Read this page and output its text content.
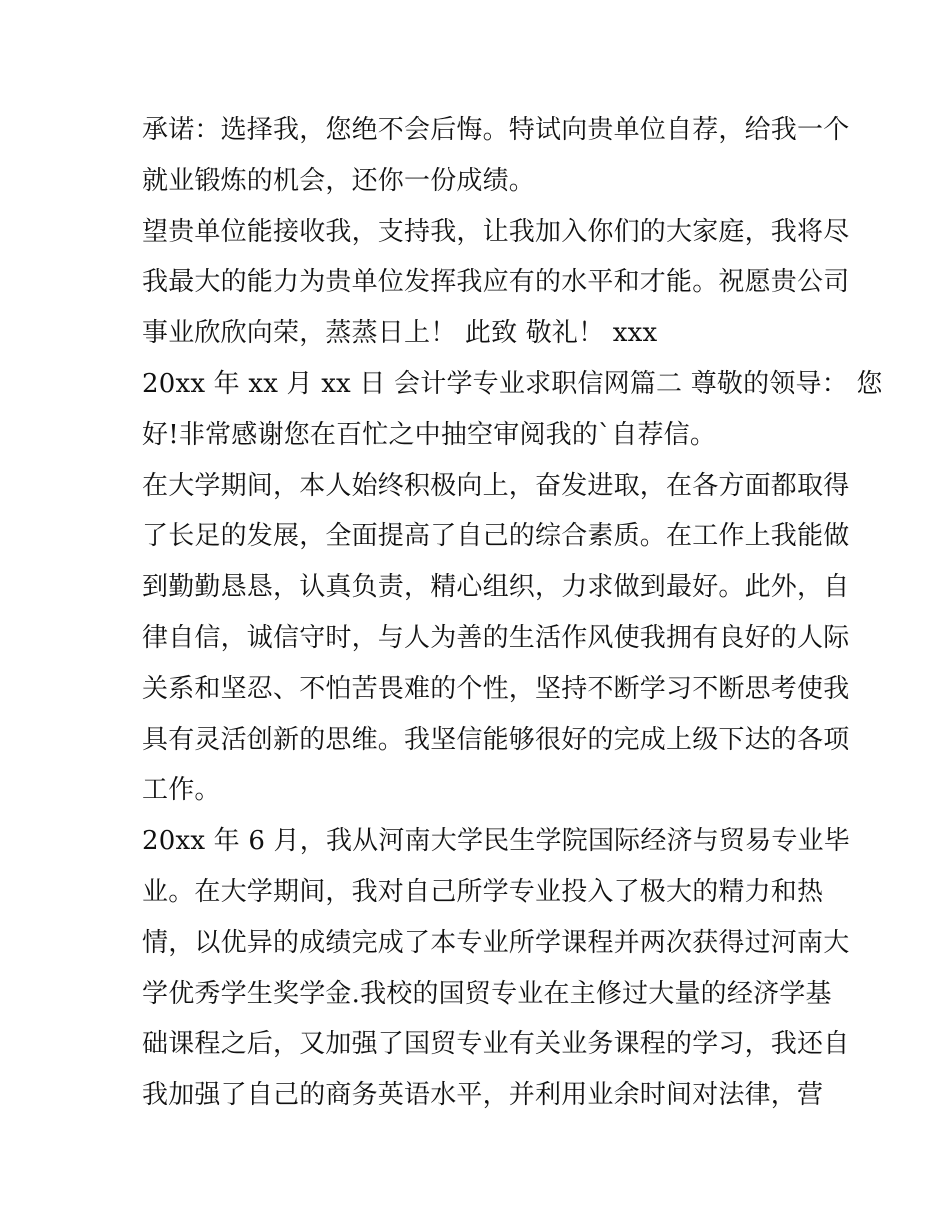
承诺：选择我，您绝不会后悔。特试向贵单位自荐，给我一个
就业锻炼的机会，还你一份成绩。
望贵单位能接收我，支持我，让我加入你们的大家庭，我将尽
我最大的能力为贵单位发挥我应有的水平和才能。祝愿贵公司
事业欣欣向荣，蒸蒸日上！ 此致 敬礼！ xxx
20xx 年 xx 月 xx 日 会计学专业求职信网篇二 尊敬的领导： 您
好!非常感谢您在百忙之中抽空审阅我的`自荐信。
在大学期间，本人始终积极向上，奋发进取，在各方面都取得
了长足的发展，全面提高了自己的综合素质。在工作上我能做
到勤勤恳恳，认真负责，精心组织，力求做到最好。此外，自
律自信，诚信守时，与人为善的生活作风使我拥有良好的人际
关系和坚忍、不怕苦畏难的个性，坚持不断学习不断思考使我
具有灵活创新的思维。我坚信能够很好的完成上级下达的各项
工作。
20xx 年 6 月，我从河南大学民生学院国际经济与贸易专业毕
业。在大学期间，我对自己所学专业投入了极大的精力和热
情，以优异的成绩完成了本专业所学课程并两次获得过河南大
学优秀学生奖学金.我校的国贸专业在主修过大量的经济学基
础课程之后，又加强了国贸专业有关业务课程的学习，我还自
我加强了自己的商务英语水平，并利用业余时间对法律，营
